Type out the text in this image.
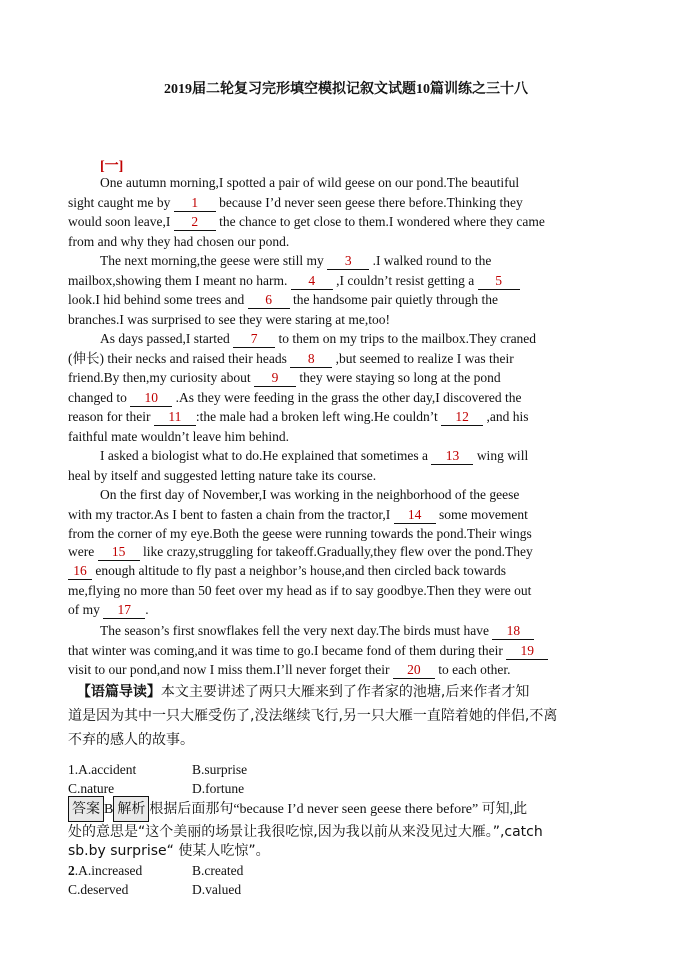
2019届二轮复习完形填空模拟记叙文试题10篇训练之三十八
[一]
One autumn morning,I spotted a pair of wild geese on our pond.The beautiful
sight caught me by 1 because I’d never seen geese there before.Thinking they
would soon leave,I 2 the chance to get close to them.I wondered where they came
from and why they had chosen our pond.
The next morning,the geese were still my 3 .I walked round to the
mailbox,showing them I meant no harm. 4 ,I couldn’t resist getting a 5
look.I hid behind some trees and 6 the handsome pair quietly through the
branches.I was surprised to see they were staring at me,too!
As days passed,I started 7 to them on my trips to the mailbox.They craned
(伸长) their necks and raised their heads 8 ,but seemed to realize I was their
friend.By then,my curiosity about 9 they were staying so long at the pond
changed to 10 .As they were feeding in the grass the other day,I discovered the
reason for their 11 :the male had a broken left wing.He couldn’t 12 ,and his
faithful mate wouldn’t leave him behind.
I asked a biologist what to do.He explained that sometimes a 13 wing will
heal by itself and suggested letting nature take its course.
On the first day of November,I was working in the neighborhood of the geese
with my tractor.As I bent to fasten a chain from the tractor,I 14 some movement
from the corner of my eye.Both the geese were running towards the pond.Their wings
were 15 like crazy,struggling for takeoff.Gradually,they flew over the pond.They
16 enough altitude to fly past a neighbor’s house,and then circled back towards
me,flying no more than 50 feet over my head as if to say goodbye.Then they were out
of my 17 .
The season’s first snowflakes fell the very next day.The birds must have 18
that winter was coming,and it was time to go.I became fond of them during their 19
visit to our pond,and now I miss them.I’ll never forget their 20 to each other.
【语篇导读】本文主要讲述了两只大雁来到了作者家的池塘,后来作者才知
道是因为其中一只大雁受伤了,没法继续飞行,另一只大雁一直陪着她的伴侣,不离
不弃的感人的故事。
1.A.accident	B.surprise
C.nature	D.fortune
答案 B 解析 根据后面那句“because I’d never seen geese there before” 可知,此
处的意思是“这个美丽的场景让我很吃惊,因为我以前从来没见过大雁。”,catch
sb.by surprise“ 使某人吃惊”。
2.A.increased	B.created
C.deserved	D.valued
